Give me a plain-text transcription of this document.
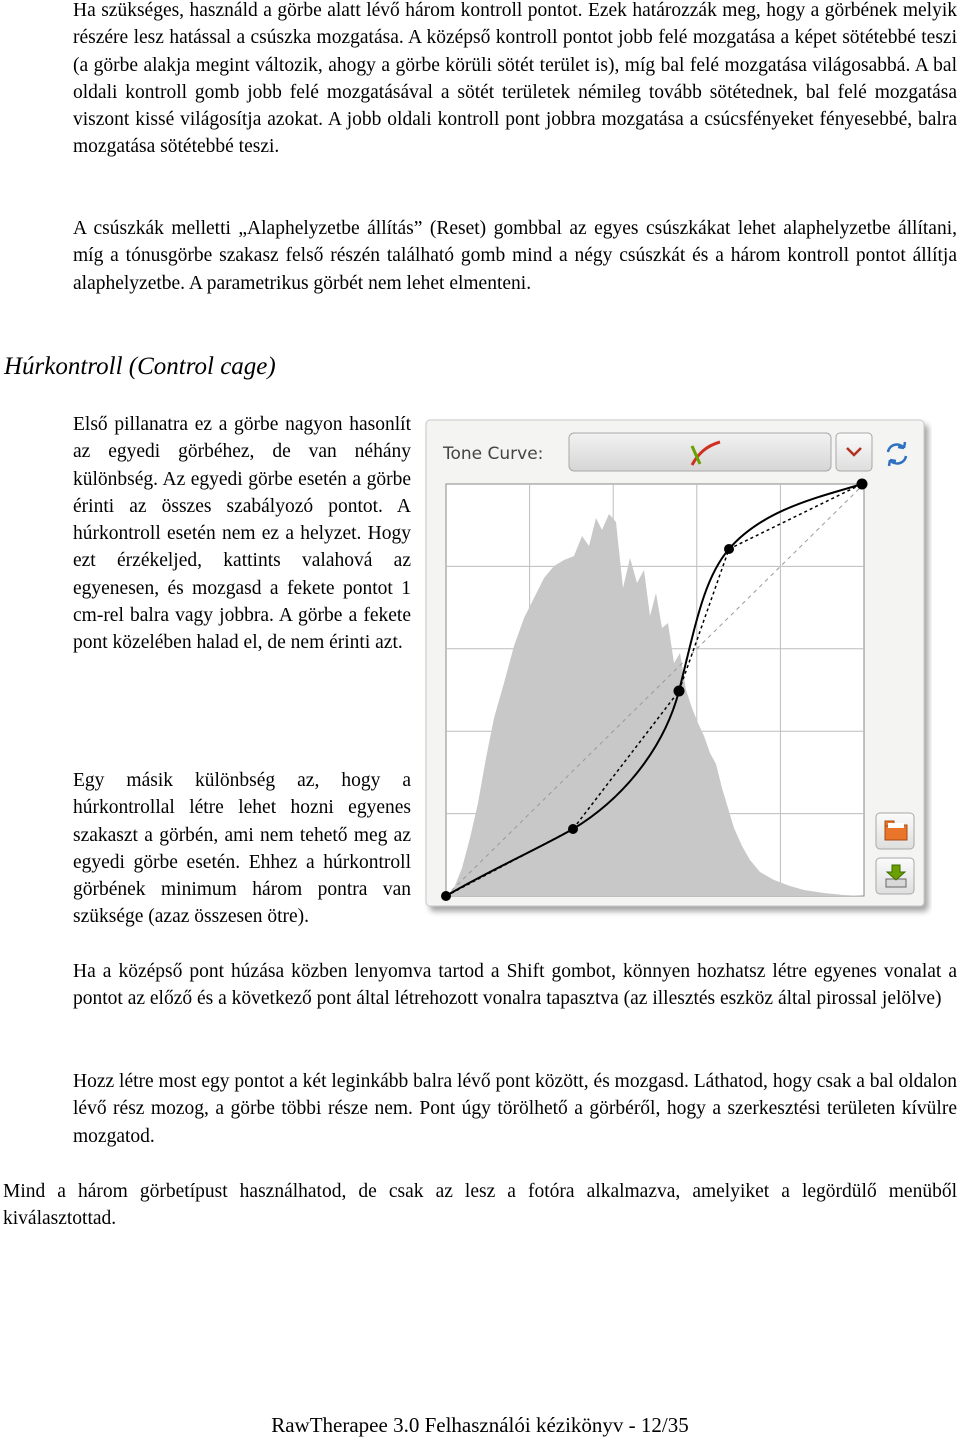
Ha szükséges, használd a görbe alatt lévő három kontroll pontot. Ezek határozzák meg, hogy a görbének melyik részére lesz hatással a csúszka mozgatása. A középső kontroll pontot jobb felé mozgatása a képet sötétebbé teszi (a görbe alakja megint változik, ahogy a görbe körüli sötét terület is), míg bal felé mozgatása világosabbá. A bal oldali kontroll gomb jobb felé mozgatásával a sötét területek némileg tovább sötétednek, bal felé mozgatása viszont kissé világosítja azokat. A jobb oldali kontroll pont jobbra mozgatása a csúcsfényeket fényesebbé, balra mozgatása sötétebbé teszi.

A csúszkák melletti „Alaphelyzetbe állítás” (Reset) gombbal az egyes csúszkákat lehet alaphelyzetbe állítani, míg a tónusgörbe szakasz felső részén található gomb mind a négy csúszkát és a három kontroll pontot állítja alaphelyzetbe. A parametrikus görbét nem lehet elmenteni.

Húrkontroll (Control cage)

Első pillanatra ez a görbe nagyon hasonlít az egyedi görbéhez, de van néhány különbség. Az egyedi görbe esetén a görbe érinti az összes szabályozó pontot. A húrkontroll esetén nem ez a helyzet. Hogy ezt érzékeljed, kattints valahová az egyenesen, és mozgasd a fekete pontot 1 cm-rel balra vagy jobbra. A görbe a fekete pont közelében halad el, de nem érinti azt.

Egy másik különbség az, hogy a húrkontrollal létre lehet hozni egyenes szakaszt a görbén, ami nem tehető meg az egyedi görbe esetén. Ehhez a húrkontroll görbének minimum három pontra van szüksége (azaz összesen ötre).

Ha a középső pont húzása közben lenyomva tartod a Shift gombot, könnyen hozhatsz létre egyenes vonalat a pontot az előző és a következő pont által létrehozott vonalra tapasztva (az illesztés eszköz által pirossal jelölve)

Hozz létre most egy pontot a két leginkább balra lévő pont között, és mozgasd. Láthatod, hogy csak a bal oldalon lévő rész mozog, a görbe többi része nem. Pont úgy törölhető a görbéről, hogy a szerkesztési területen kívülre mozgatod.

Mind a három görbetípust használhatod, de csak az lesz a fotóra alkalmazva, amelyiket a legördülő menüből kiválasztottad.

Tone Curve:
RawTherapee 3.0 Felhasználói kézikönyv - 12/35
